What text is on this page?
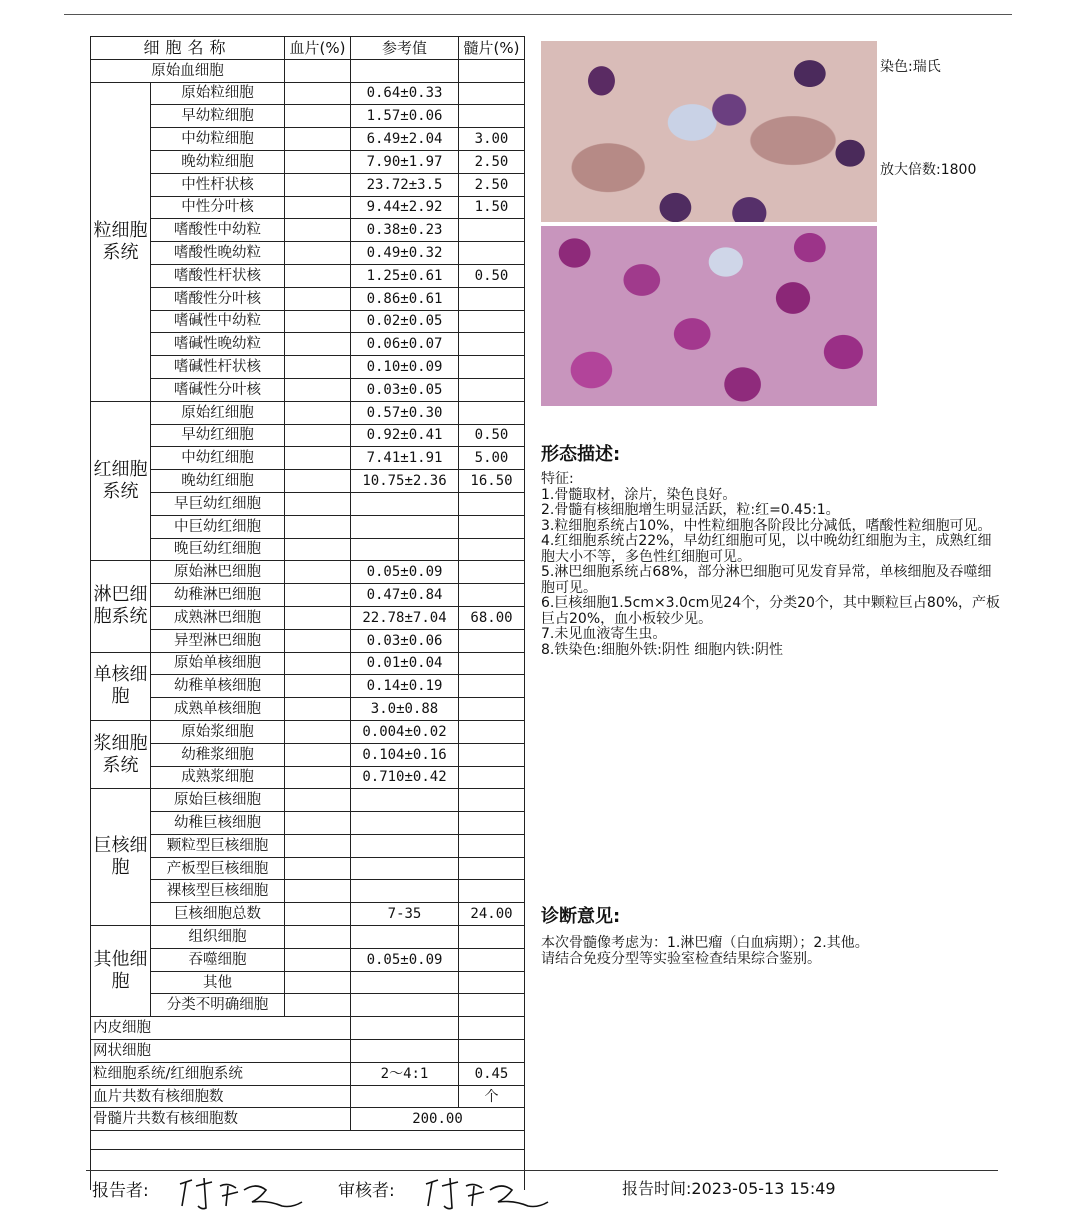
细胞名称		血片(%)	参考值	髓片(%)
原始血细胞				
粒细胞系统	原始粒细胞		0.64±0.33	
	早幼粒细胞		1.57±0.06	
	中幼粒细胞		6.49±2.04	3.00
	晚幼粒细胞		7.90±1.97	2.50
	中性杆状核		23.72±3.5	2.50
	中性分叶核		9.44±2.92	1.50
	嗜酸性中幼粒		0.38±0.23	
	嗜酸性晚幼粒		0.49±0.32	
	嗜酸性杆状核		1.25±0.61	0.50
	嗜酸性分叶核		0.86±0.61	
	嗜碱性中幼粒		0.02±0.05	
	嗜碱性晚幼粒		0.06±0.07	
	嗜碱性杆状核		0.10±0.09	
	嗜碱性分叶核		0.03±0.05	
红细胞系统	原始红细胞		0.57±0.30	
	早幼红细胞		0.92±0.41	0.50
	中幼红细胞		7.41±1.91	5.00
	晚幼红细胞		10.75±2.36	16.50
	早巨幼红细胞			
	中巨幼红细胞			
	晚巨幼红细胞			
淋巴细胞系统	原始淋巴细胞		0.05±0.09	
	幼稚淋巴细胞		0.47±0.84	
	成熟淋巴细胞		22.78±7.04	68.00
	异型淋巴细胞		0.03±0.06	
单核细胞	原始单核细胞		0.01±0.04	
	幼稚单核细胞		0.14±0.19	
	成熟单核细胞		3.0±0.88	
浆细胞系统	原始浆细胞		0.004±0.02	
	幼稚浆细胞		0.104±0.16	
	成熟浆细胞		0.710±0.42	
巨核细胞	原始巨核细胞			
	幼稚巨核细胞			
	颗粒型巨核细胞			
	产板型巨核细胞			
	裸核型巨核细胞			
	巨核细胞总数		7-35	24.00
其他细胞	组织细胞			
	吞噬细胞		0.05±0.09	
	其他			
	分类不明确细胞			
内皮细胞				
网状细胞				
粒细胞系统/红细胞系统			2～4:1	0.45
血片共数有核细胞数				个
骨髓片共数有核细胞数			200.00	

染色:瑞氏
放大倍数:1800
形态描述:
特征:
1.骨髓取材，涂片，染色良好。
2.骨髓有核细胞增生明显活跃，粒:红=0.45:1。
3.粒细胞系统占10%，中性粒细胞各阶段比分减低，嗜酸性粒细胞可见。
4.红细胞系统占22%，早幼红细胞可见，以中晚幼红细胞为主，成熟红细胞大小不等，多色性红细胞可见。
5.淋巴细胞系统占68%，部分淋巴细胞可见发育异常，单核细胞及吞噬细胞可见。
6.巨核细胞1.5cm×3.0cm见24个，分类20个，其中颗粒巨占80%，产板巨占20%，血小板较少见。
7.未见血液寄生虫。
8.铁染色:细胞外铁:阴性 细胞内铁:阴性
诊断意见:
本次骨髓像考虑为：1.淋巴瘤（白血病期）；2.其他。
请结合免疫分型等实验室检查结果综合鉴别。
报告者:	审核者:	报告时间:2023-05-13 15:49
